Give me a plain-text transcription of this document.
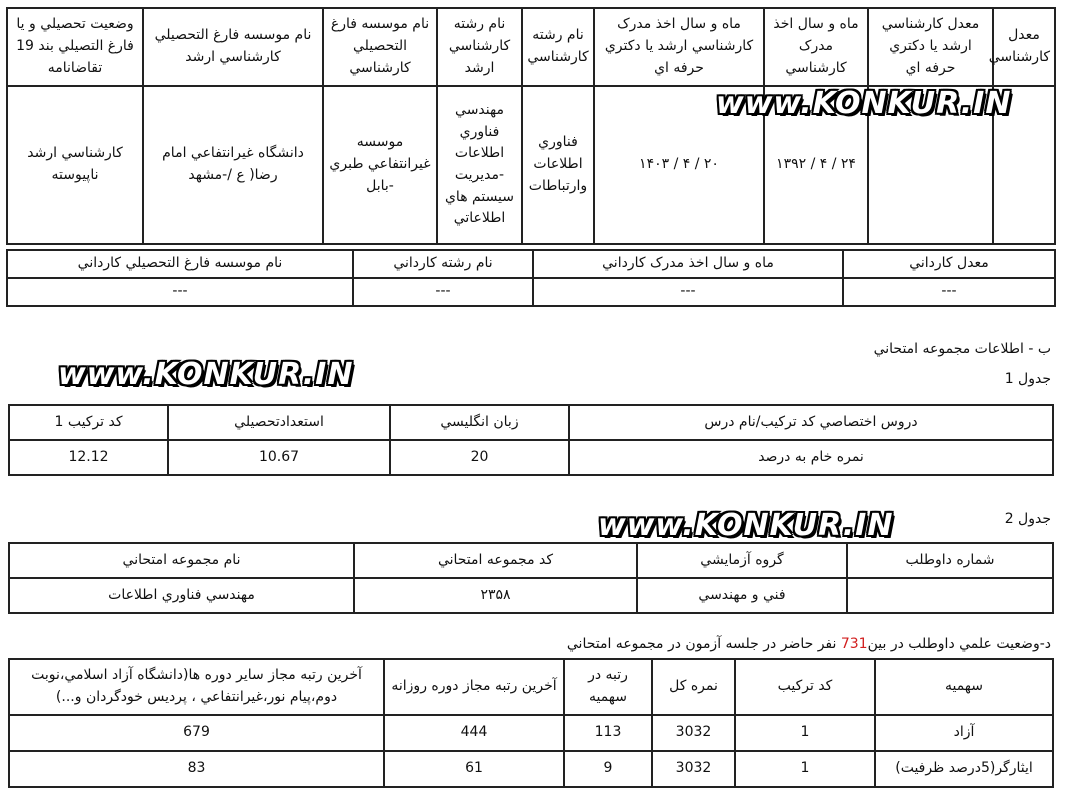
معدل کارشناسي	معدل کارشناسي ارشد يا دکتري حرفه اي	ماه و سال اخذ مدرک کارشناسي	ماه و سال اخذ مدرک کارشناسي ارشد يا دکتري حرفه اي	نام رشته کارشناسي	نام رشته کارشناسي ارشد	نام موسسه فارغ التحصيلي کارشناسي	نام موسسه فارغ التحصيلي کارشناسي ارشد	وضعيت تحصيلي و يا فارغ التصيلي بند 19 تقاضانامه
		۲۴ / ۴ / ۱۳۹۲	۲۰ / ۴ / ۱۴۰۳	فناوري اطلاعات وارتباطات	مهندسي فناوري اطلاعات -مديريت سيستم هاي اطلاعاتي	موسسه غيرانتفاعي طبري -بابل	دانشگاه غيرانتفاعي امام رضا( ع /-مشهد	کارشناسي ارشد ناپيوسته
معدل کارداني	ماه و سال اخذ مدرک کارداني	نام رشته کارداني	نام موسسه فارغ التحصيلي کارداني
---	---	---	---
ب - اطلاعات مجموعه امتحاني
جدول 1
دروس اختصاصي کد ترکيب/نام درس	زبان انگليسي	استعدادتحصيلي	کد ترکيب 1
نمره خام به درصد	20	10.67	12.12
جدول 2
شماره داوطلب	گروه آزمايشي	کد مجموعه امتحاني	نام مجموعه امتحاني
	فني و مهندسي	۲۳۵۸	مهندسي فناوري اطلاعات
د-وضعيت علمي داوطلب در بين731 نفر حاضر در جلسه آزمون در مجموعه امتحاني
سهميه	کد ترکيب	نمره کل	رتبه در سهميه	آخرين رتبه مجاز دوره روزانه	آخرين رتبه مجاز ساير دوره ها(دانشگاه آزاد اسلامي،نوبت دوم،پيام نور،غيرانتفاعي ، پرديس خودگردان و...)
آزاد	1	3032	113	444	679
ايثارگر(5درصد ظرفيت)	1	3032	9	61	83
www.KONKUR.IN
www.KONKUR.IN
www.KONKUR.IN
